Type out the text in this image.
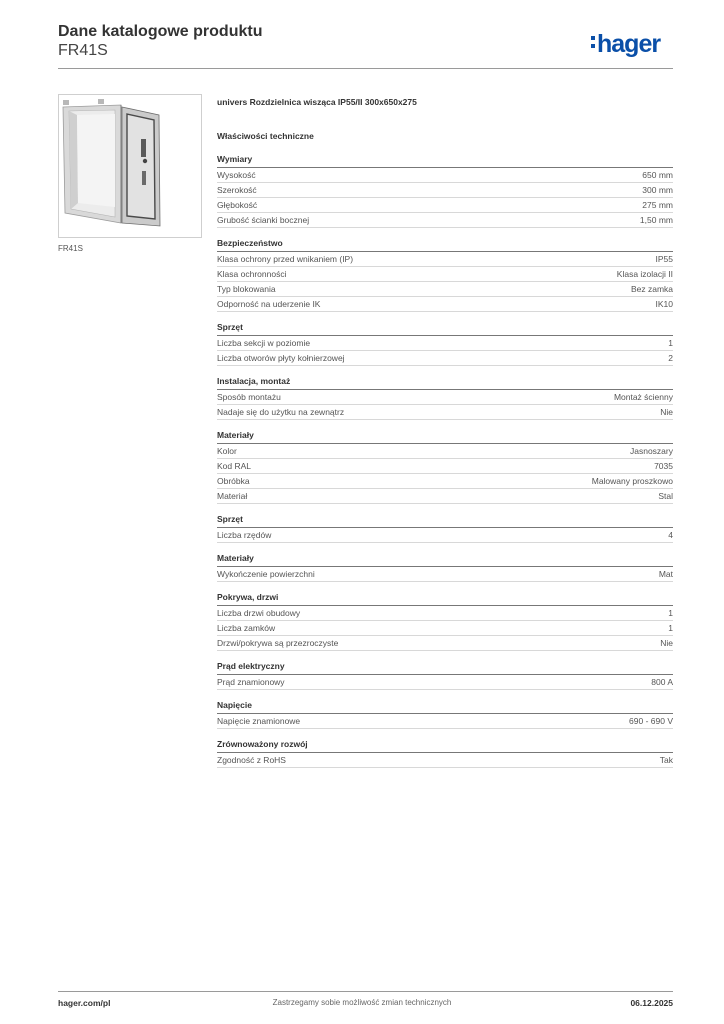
Dane katalogowe produktu
FR41S	hager
FR41S
univers Rozdzielnica wisząca IP55/II 300x650x275
Właściwości techniczne
Wymiary
Wysokość	650 mm
Szerokość	300 mm
Głębokość	275 mm
Grubość ścianki bocznej	1,50 mm
Bezpieczeństwo
Klasa ochrony przed wnikaniem (IP)	IP55
Klasa ochronności	Klasa izolacji II
Typ blokowania	Bez zamka
Odporność na uderzenie IK	IK10
Sprzęt
Liczba sekcji w poziomie	1
Liczba otworów płyty kołnierzowej	2
Instalacja, montaż
Sposób montażu	Montaż ścienny
Nadaje się do użytku na zewnątrz	Nie
Materiały
Kolor	Jasnoszary
Kod RAL	7035
Obróbka	Malowany proszkowo
Materiał	Stal
Sprzęt
Liczba rzędów	4
Materiały
Wykończenie powierzchni	Mat
Pokrywa, drzwi
Liczba drzwi obudowy	1
Liczba zamków	1
Drzwi/pokrywa są przezroczyste	Nie
Prąd elektryczny
Prąd znamionowy	800 A
Napięcie
Napięcie znamionowe	690 - 690 V
Zrównoważony rozwój
Zgodność z RoHS	Tak
Zastrzegamy sobie możliwość zmian technicznych
hager.com/pl	06.12.2025
